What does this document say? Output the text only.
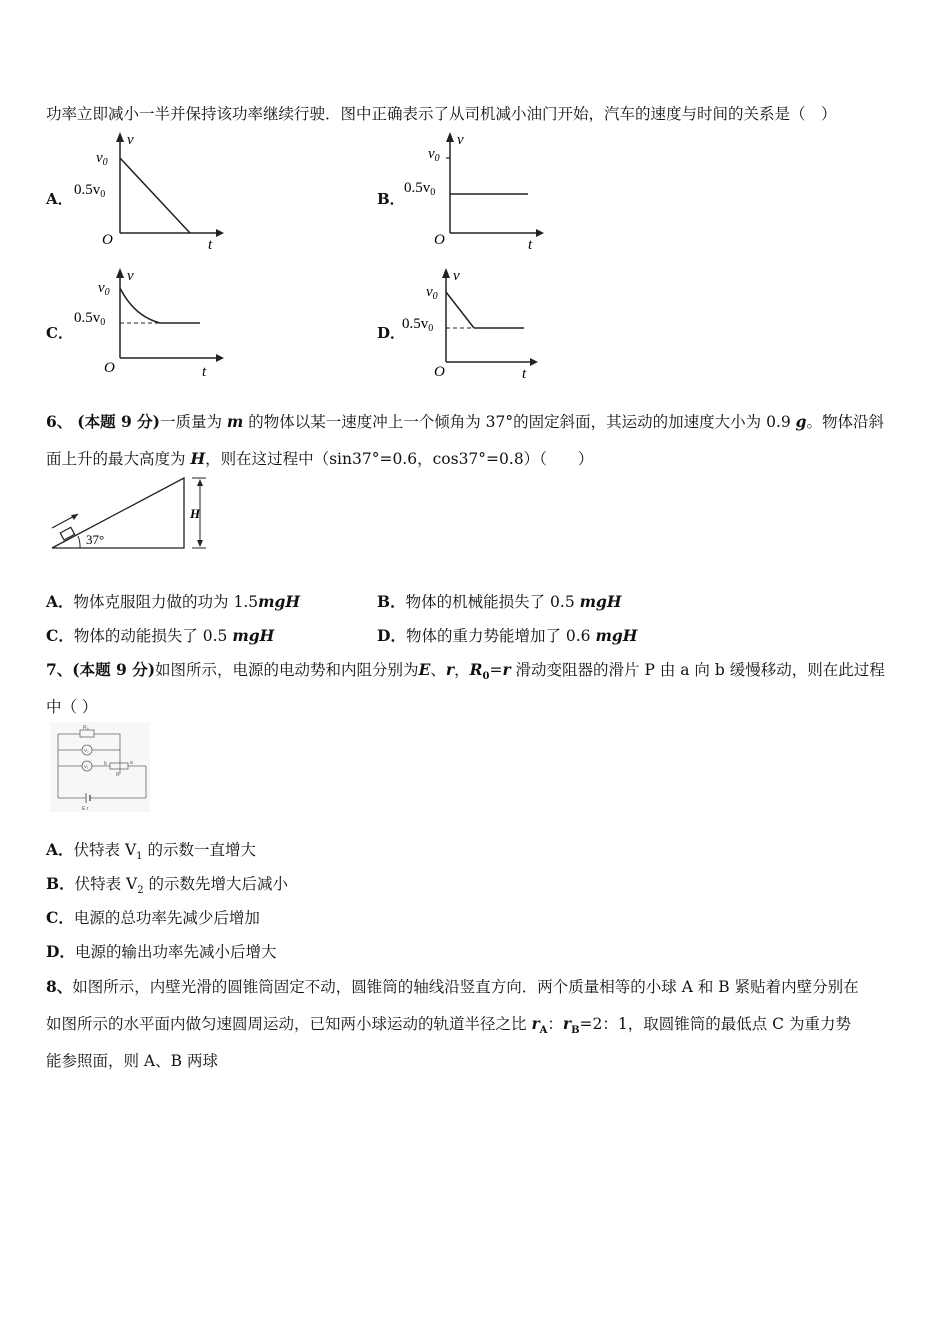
功率立即减小一半并保持该功率继续行驶．图中正确表示了从司机减小油门开始，汽车的速度与时间的关系是（　）
A．	B．
C．	D．
v
t
O
$v_0$
$0.5v_0$
v
t
O
$v_0$
$0.5v_0$
v
t
O
$v_0$
$0.5v_0$
v
t
O
$v_0$
$0.5v_0$
6、 (本题 9 分)一质量为 m 的物体以某一速度冲上一个倾角为 37°的固定斜面，其运动的加速度大小为 0.9 g。物体沿斜
面上升的最大高度为 H，则在这过程中（sin37°=0.6，cos37°=0.8）（　　）
37°
H
A．物体克服阻力做的功为 1.5mgH	B．物体的机械能损失了 0.5 mgH
C．物体的动能损失了 0.5 mgH	D．物体的重力势能增加了 0.6 mgH
7、(本题 9 分)如图所示，电源的电动势和内阻分别为E、r，$R_0=r$ 滑动变阻器的滑片 P 由 a 向 b 缓慢移动，则在此过程
中（ ）
R₀
V₂
V₁	b	a
R
E r
A．伏特表 $V_1$ 的示数一直增大
B．伏特表 $V_2$ 的示数先增大后减小
C．电源的总功率先减少后增加
D．电源的输出功率先减小后增大
8、如图所示，内壁光滑的圆锥筒固定不动，圆锥筒的轴线沿竖直方向．两个质量相等的小球 A 和 B 紧贴着内壁分别在
如图所示的水平面内做匀速圆周运动，已知两小球运动的轨道半径之比 $r_A$：$r_B=2$：1，取圆锥筒的最低点 C 为重力势
能参照面，则 A、B 两球
